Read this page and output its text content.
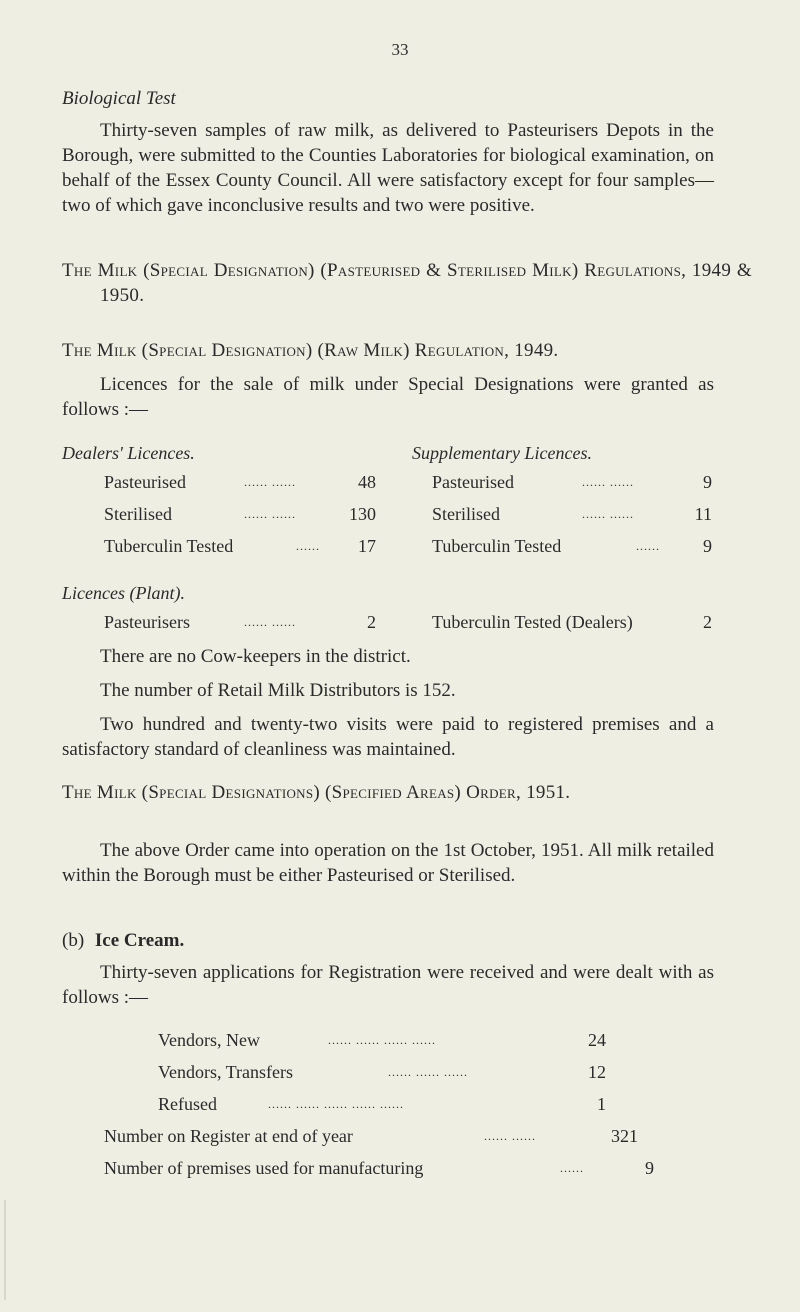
33
Biological Test
Thirty-seven samples of raw milk, as delivered to Pasteurisers Depots in the Borough, were submitted to the Counties Laboratories for biological examination, on behalf of the Essex County Council. All were satisfactory except for four samples—two of which gave inconclusive results and two were positive.
The Milk (Special Designation) (Pasteurised & Sterilised Milk) Regulations, 1949 & 1950.
The Milk (Special Designation) (Raw Milk) Regulation, 1949.
Licences for the sale of milk under Special Designations were granted as follows :—
Dealers' Licences.
Pasteurised	...... ......	48
Sterilised	...... ......	130
Tuberculin Tested	......	17
Supplementary Licences.
Pasteurised	...... ......	9
Sterilised	...... ......	11
Tuberculin Tested	......	9
Licences (Plant).
Pasteurisers	...... ......	2	Tuberculin Tested (Dealers)	2
There are no Cow-keepers in the district.
The number of Retail Milk Distributors is 152.
Two hundred and twenty-two visits were paid to registered premises and a satisfactory standard of cleanliness was maintained.
The Milk (Special Designations) (Specified Areas) Order, 1951.
The above Order came into operation on the 1st October, 1951. All milk retailed within the Borough must be either Pasteurised or Sterilised.
(b) Ice Cream.
Thirty-seven applications for Registration were received and were dealt with as follows :—
Vendors, New	...... ...... ...... ......	24
Vendors, Transfers	...... ...... ......	12
Refused	...... ...... ...... ...... ......	1
Number on Register at end of year	...... ......	321
Number of premises used for manufacturing	......	9
